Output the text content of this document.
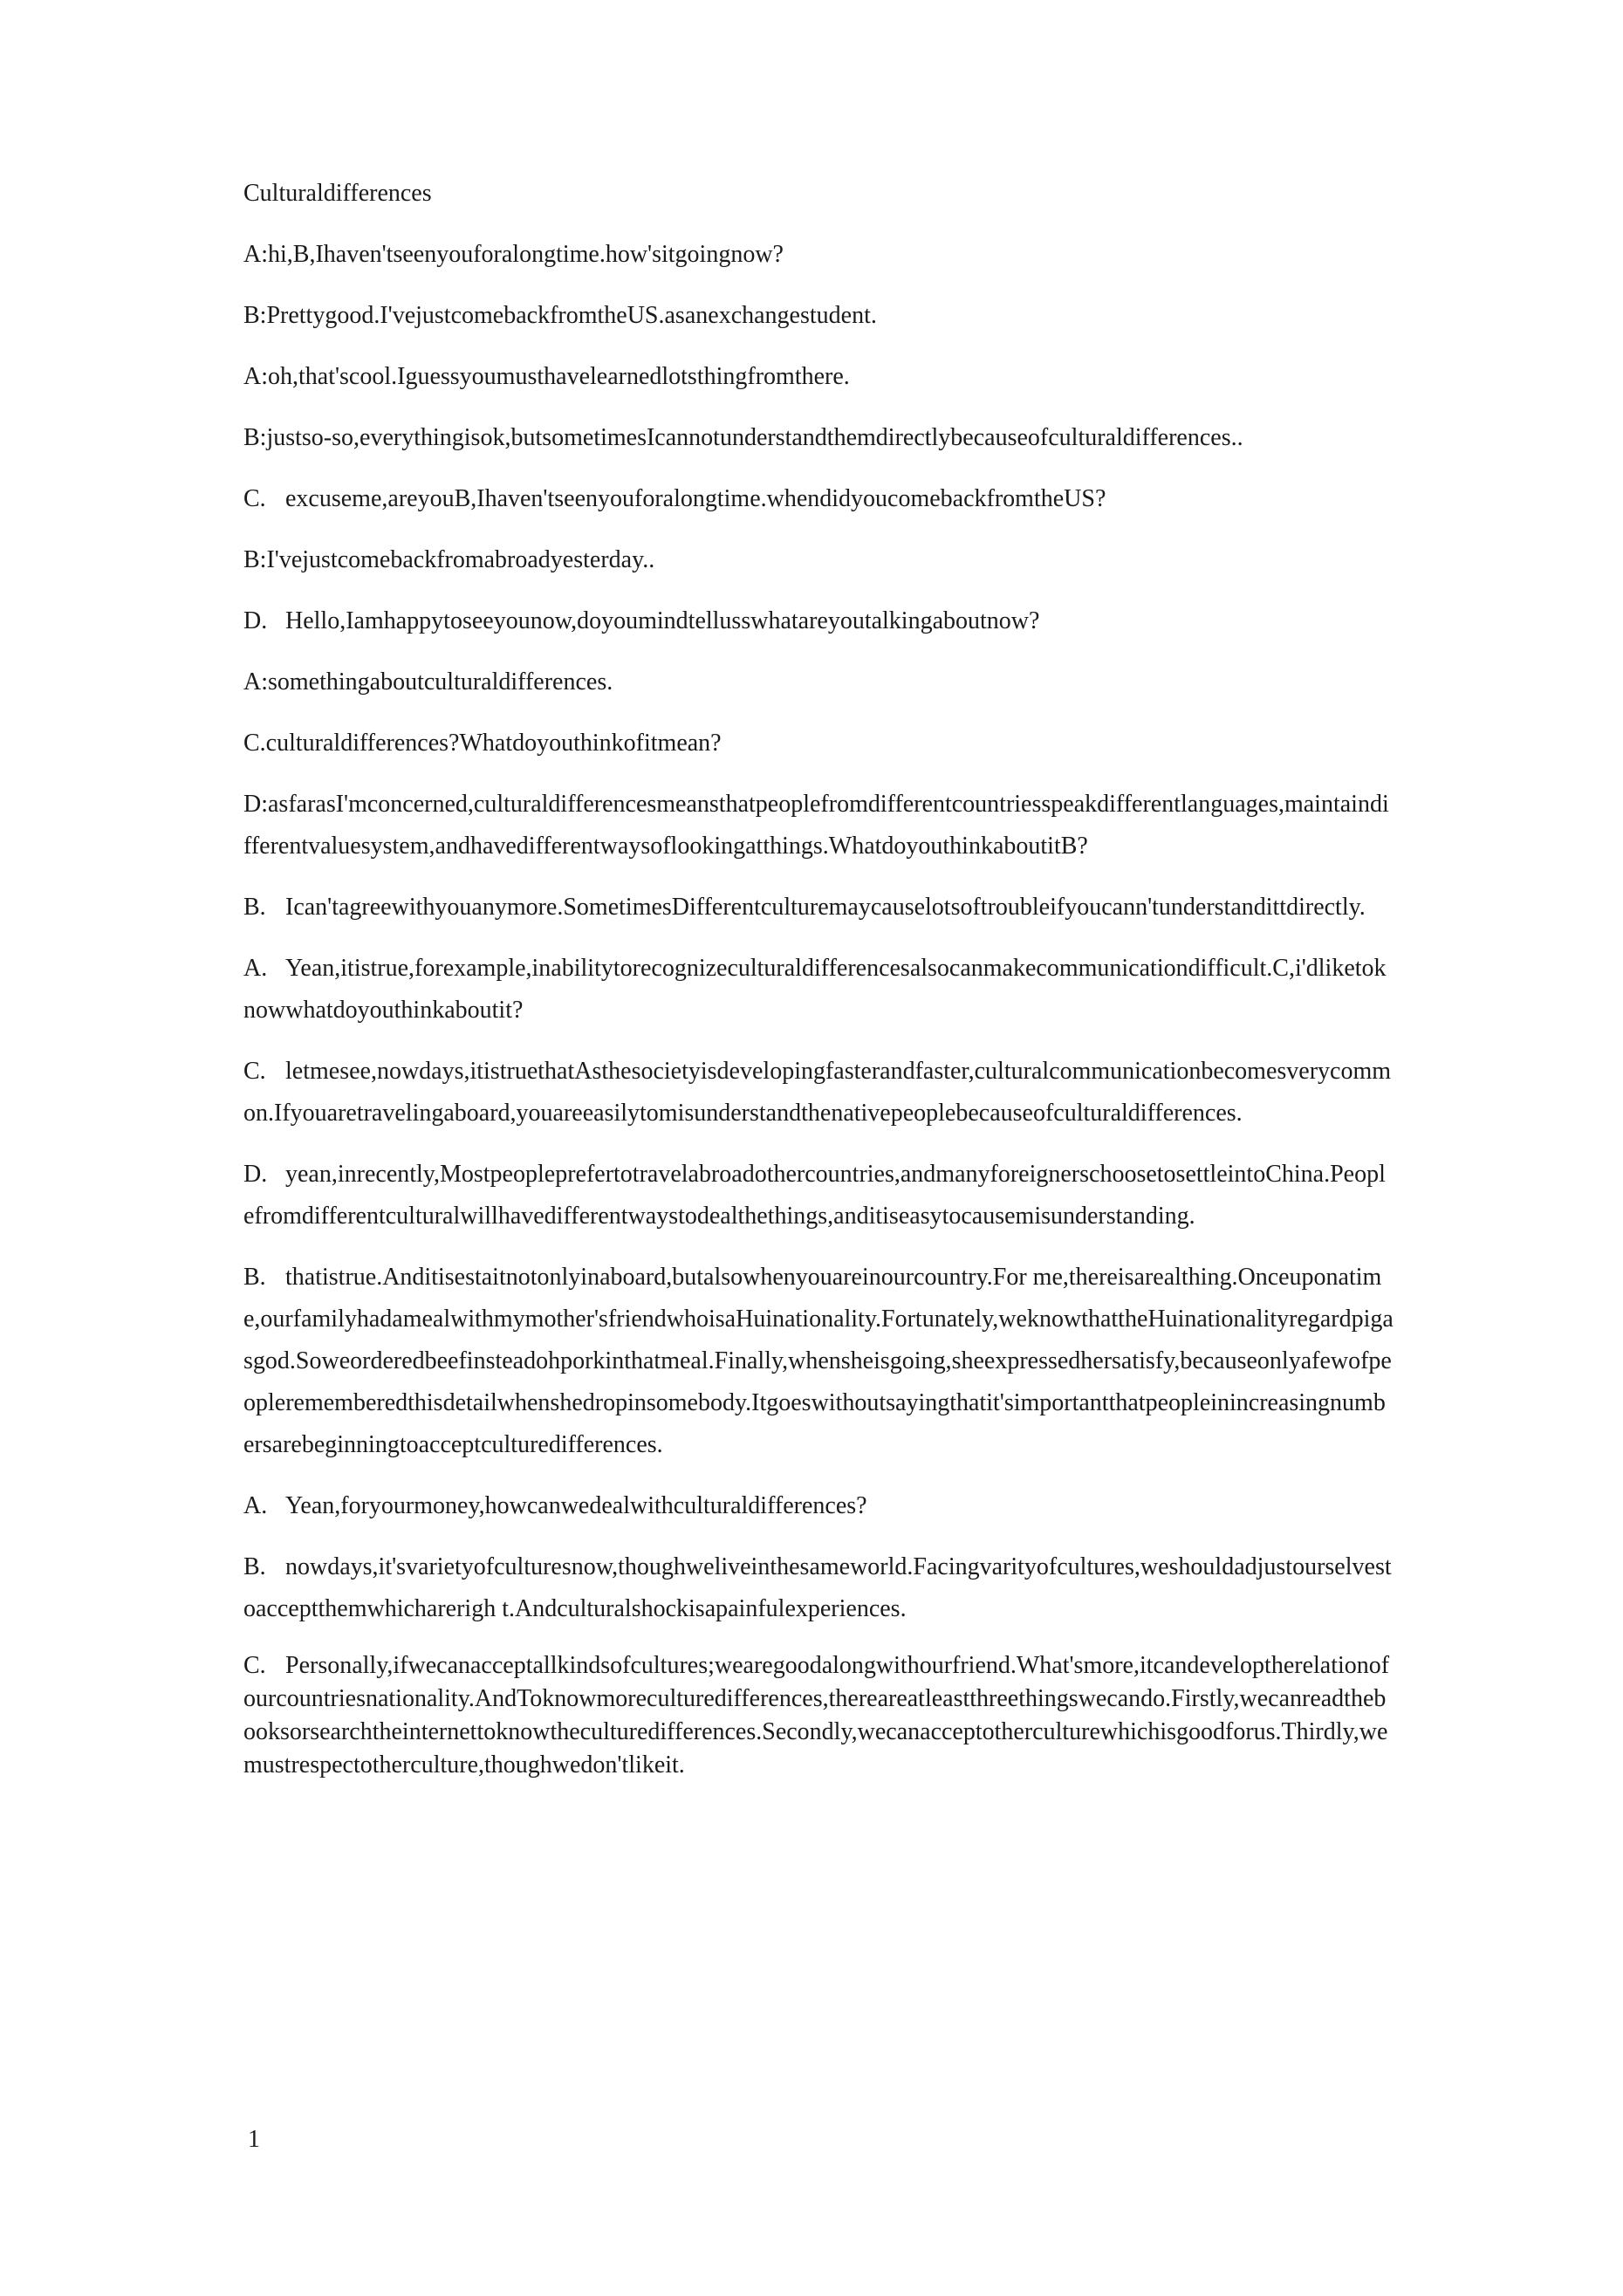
Culturaldifferences
A:hi,B,Ihaven'tseenyouforalongtime.how'sitgoingnow?
B:Prettygood.I'vejustcomebackfromtheUS.asanexchangestudent.
A:oh,that'scool.Iguessyoumusthavelearnedlotsthingfromthere.
B:justso-so,everythingisok,butsometimesIcannotunderstandthemdirectlybecauseofculturaldifferences..
C. excuseme,areyouB,Ihaven'tseenyouforalongtime.whendidyoucomebackfromtheUS?
B:I'vejustcomebackfromabroadyesterday..
D. Hello,Iamhappytoseeyounow,doyoumindtellusswhatareyoutalkingaboutnow?
A:somethingaboutculturaldifferences.
C.culturaldifferences?Whatdoyouthinkofitmean?
D:asfarasI'mconcerned,culturaldifferencesmeansthatpeoplefromdifferentcountriesspeakdifferentlanguages,maintaindifferentvaluesystem,andhavedifferentwaysoflookingatthings.WhatdoyouthinkaboutitB?
B. Ican'tagreewithyouanymore.SometimesDifferentculturemaycauselotsoftroubleifyoucann'tunderstandittdirectly.
A. Yean,itistrue,forexample,inabilitytorecognizeculturaldifferencesalsocanmakecommunicationdifficult.C,i'dliketoknowwhatdoyouthinkaboutit?
C. letmesee,nowdays,itistruethatAsthesocietyisdevelopingfasterandfaster,culturalcommunicationbecomesverycommon.Ifyouaretravelingaboard,youareeasilytomisunderstandthenativepeoplebecauseofculturaldifferences.
D. yean,inrecently,Mostpeopleprefertotravelabroadothercountries,andmanyforeignerschoosetosettleintoChina.Peoplefromdifferentculturalwillhavedifferentwaystodealthethings,anditiseasytocausemisunderstanding.
B. thatistrue.Anditisestaitnotonlyinaboard,butalsowhenyouareinourcountry.For me,thereisarealthing.Onceuponatime,ourfamilyhadamealwithmymother'sfriendwhoisaHuinationality.Fortunately,weknowthattheHuinationalityregardpigasgod.Soweorderedbeefinsteadohporkinthatmeal.Finally,whensheisgoing,sheexpressedhersatisfy,becauseonlyafewofpeoplerememberedthisdetailwhenshedropinsomebody.Itgoeswithoutsayingthatit'simportantthatpeopleinincreasingnumbersarebeginningtoacceptculturedifferences.
A. Yean,foryourmoney,howcanwedealwithculturaldifferences?
B. nowdays,it'svarietyofculturesnow,thoughweliveinthesameworld.Facingvarityofcultures,weshouldadjustourselvestoacceptthemwhicharerigh t.Andculturalshockisapainfulexperiences.
C. Personally,ifwecanacceptallkindsofcultures;wearegoodalongwithourfriend.What'smore,itcandeveloptherelationofourcountriesnationality.AndToknowmoreculturedifferences,thereareatleastthreethingswecando.Firstly,wecanreadthebooksorsearchtheinternettoknowtheculturedifferences.Secondly,wecanacceptotherculturewhichisgoodforus.Thirdly,wemustrespectotherculture,thoughwedon'tlikeit.
1
